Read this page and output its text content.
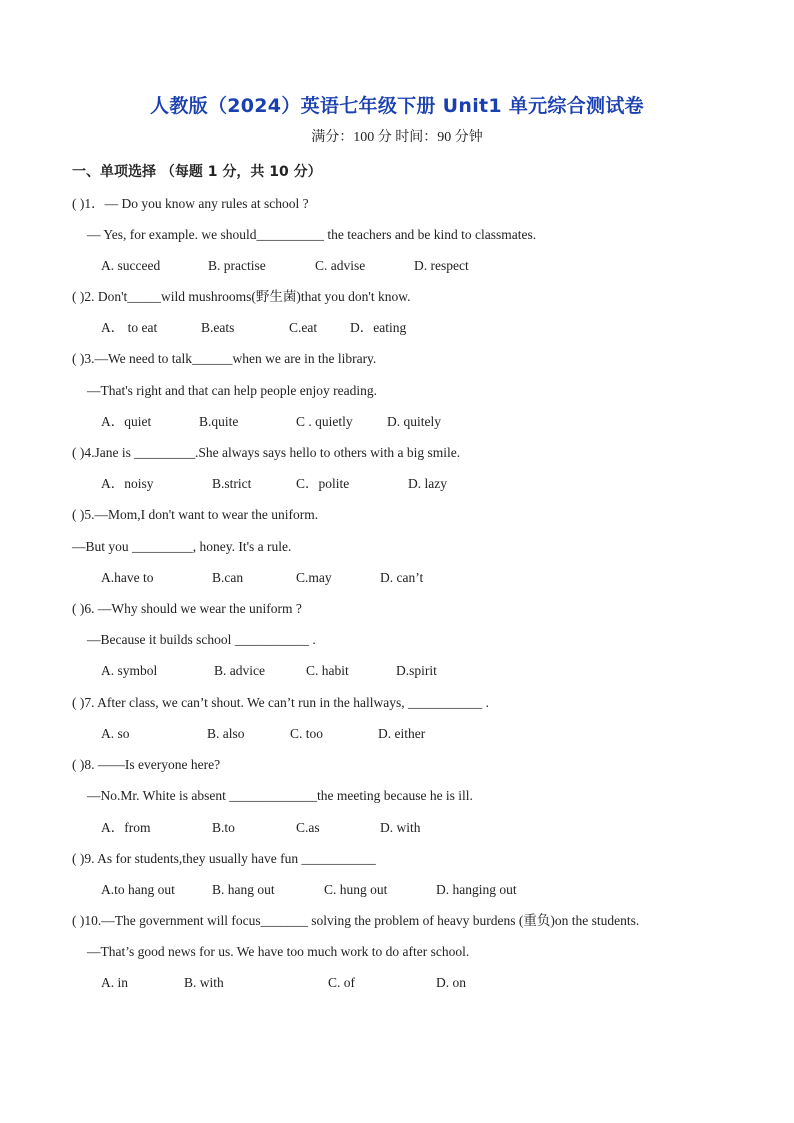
人教版（2024）英语七年级下册 Unit1 单元综合测试卷
满分：100 分 时间：90 分钟
一、单项选择 （每题 1 分，共 10 分）
( )1．— Do you know any rules at school ?
— Yes, for example. we should__________ the teachers and be kind to classmates.
A. succeed	B. practise	C. advise	D. respect
( )2. Don't_____wild mushrooms(野生菌)that you don't know.
A． to eat	B.eats	C.eat D．eating
( )3.—We need to talk______when we are in the library.
—That's right and that can help people enjoy reading.
A．quiet	B.quite	C . quietly	D. quitely
( )4.Jane is _________.She always says hello to others with a big smile.
A．noisy	B.strict	C．polite	D. lazy
( )5.—Mom,I don't want to wear the uniform.
—But you _________, honey. It's a rule.
A.have to	B.can	C.may	D. can’t
( )6. —Why should we wear the uniform ?
—Because it builds school ___________ .
A. symbol	B. advice	C. habit	D.spirit
( )7. After class, we can’t shout. We can’t run in the hallways, ___________ .
A. so	B. also	C. too	D. either
( )8. ——Is everyone here?
—No.Mr. White is absent _____________the meeting because he is ill.
A．from	B.to	C.as	D. with
( )9. As for students,they usually have fun ___________
A.to hang out	B. hang out	C. hung out	D. hanging out
( )10.—The government will focus_______ solving the problem of heavy burdens (重负)on the students.
—That’s good news for us. We have too much work to do after school.
A. in	B. with	C. of	D. on
